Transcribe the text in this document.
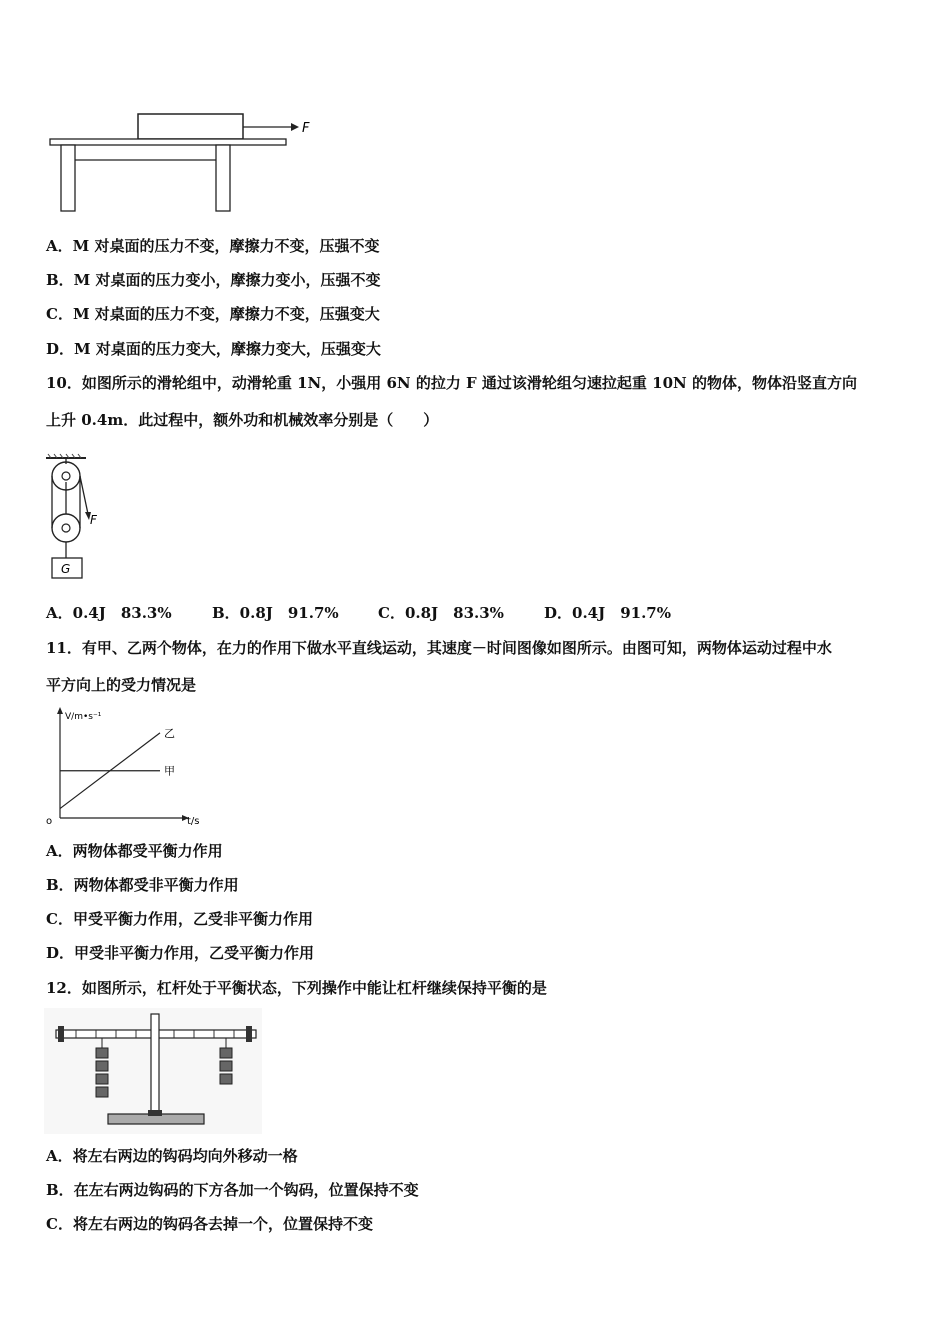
F
A．M 对桌面的压力不变，摩擦力不变，压强不变
B．M 对桌面的压力变小，摩擦力变小，压强不变
C．M 对桌面的压力不变，摩擦力不变，压强变大
D．M 对桌面的压力变大，摩擦力变大，压强变大
10．如图所示的滑轮组中，动滑轮重 1N，小强用 6N 的拉力 F 通过该滑轮组匀速拉起重 10N 的物体，物体沿竖直方向
上升 0.4m．此过程中，额外功和机械效率分别是（　　）
F
G
A．0.4J　83.3%	B．0.8J　91.7%	C．0.8J　83.3%	D．0.4J　91.7%
11．有甲、乙两个物体，在力的作用下做水平直线运动，其速度－时间图像如图所示。由图可知，两物体运动过程中水
平方向上的受力情况是
V/m•s⁻¹
t/s
o
乙
甲
A．两物体都受平衡力作用
B．两物体都受非平衡力作用
C．甲受平衡力作用，乙受非平衡力作用
D．甲受非平衡力作用，乙受平衡力作用
12．如图所示，杠杆处于平衡状态，下列操作中能让杠杆继续保持平衡的是
A．将左右两边的钩码均向外移动一格
B．在左右两边钩码的下方各加一个钩码，位置保持不变
C．将左右两边的钩码各去掉一个，位置保持不变
